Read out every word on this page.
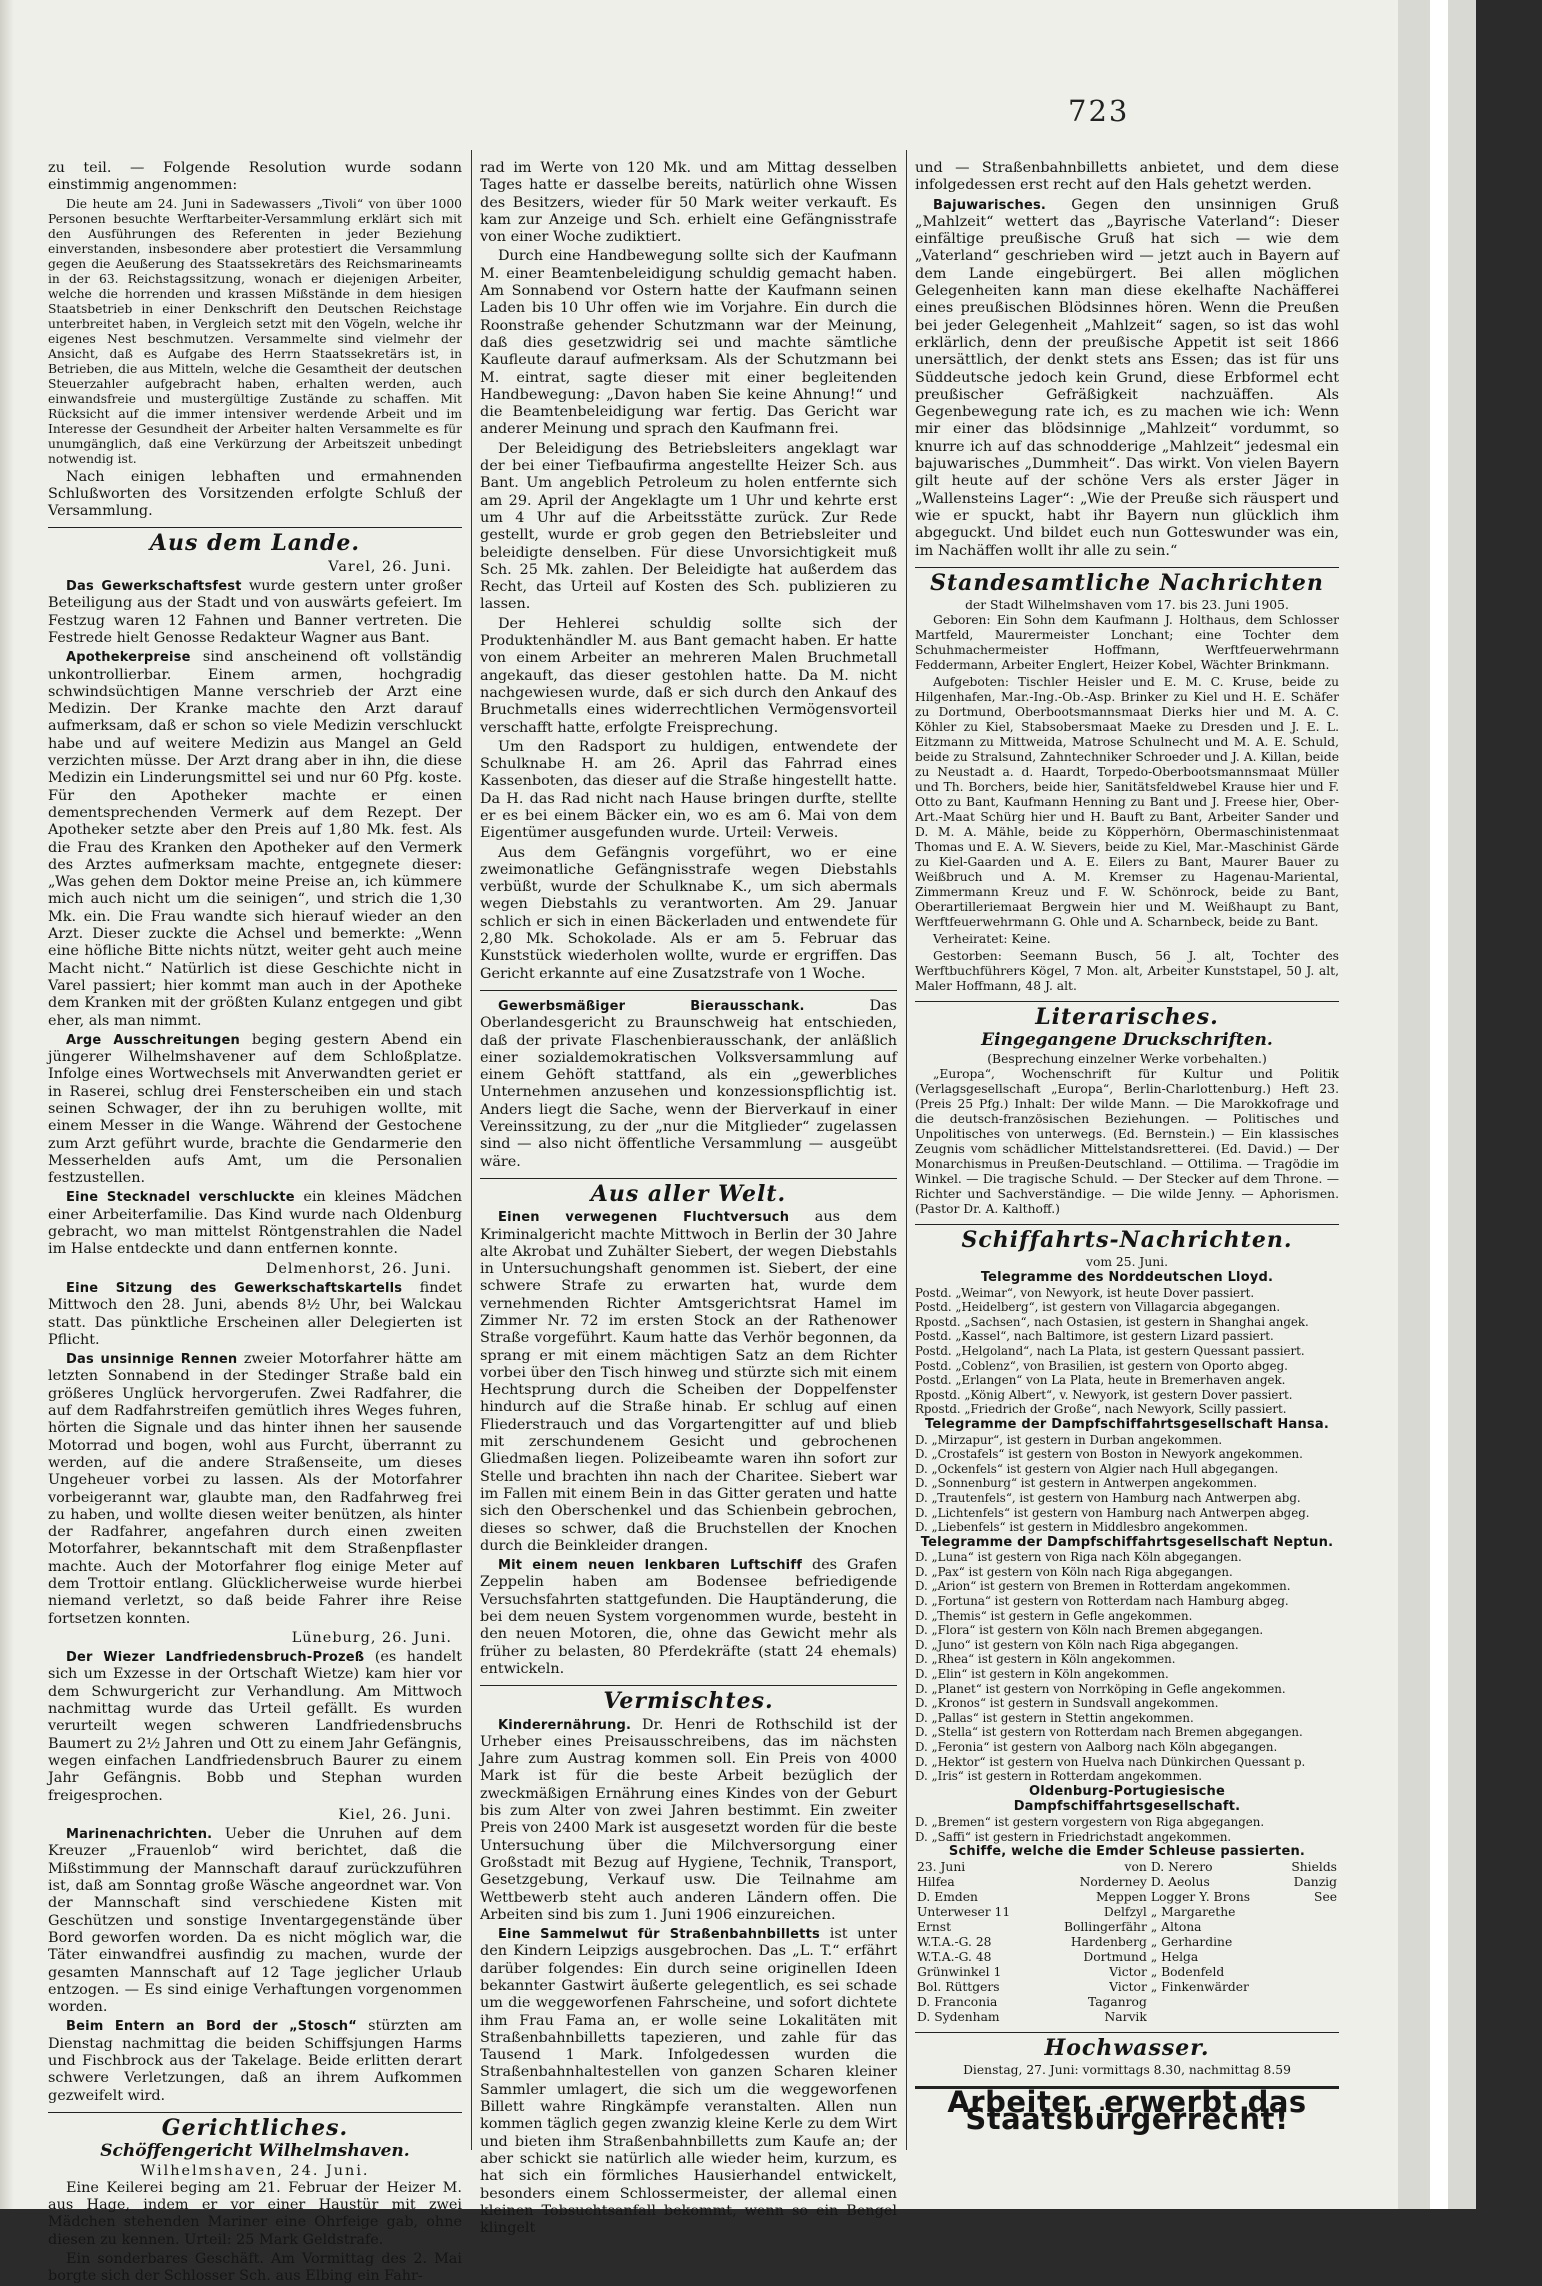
723

zu teil. — Folgende Resolution wurde sodann einstimmig angenommen:

Die heute am 24. Juni in Sadewassers „Tivoli“ von über 1000 Personen besuchte Werftarbeiter-Versammlung erklärt sich mit den Ausführungen des Referenten in jeder Beziehung einverstanden, insbesondere aber protestiert die Versammlung gegen die Aeußerung des Staatssekretärs des Reichsmarineamts in der 63. Reichstagssitzung, wonach er diejenigen Arbeiter, welche die horrenden und krassen Mißstände in dem hiesigen Staatsbetrieb in einer Denkschrift den Deutschen Reichstage unterbreitet haben, in Vergleich setzt mit den Vögeln, welche ihr eigenes Nest beschmutzen. Versammelte sind vielmehr der Ansicht, daß es Aufgabe des Herrn Staatssekretärs ist, in Betrieben, die aus Mitteln, welche die Gesamtheit der deutschen Steuerzahler aufgebracht haben, erhalten werden, auch einwandsfreie und mustergültige Zustände zu schaffen. Mit Rücksicht auf die immer intensiver werdende Arbeit und im Interesse der Gesundheit der Arbeiter halten Versammelte es für unumgänglich, daß eine Verkürzung der Arbeitszeit unbedingt notwendig ist.

Nach einigen lebhaften und ermahnenden Schlußworten des Vorsitzenden erfolgte Schluß der Versammlung.

Aus dem Lande.
Varel, 26. Juni.

Das Gewerkschaftsfest wurde gestern unter großer Beteiligung aus der Stadt und von auswärts gefeiert. Im Festzug waren 12 Fahnen und Banner vertreten. Die Festrede hielt Genosse Redakteur Wagner aus Bant.

Apothekerpreise sind anscheinend oft vollständig unkontrollierbar. Einem armen, hochgradig schwindsüchtigen Manne verschrieb der Arzt eine Medizin. Der Kranke machte den Arzt darauf aufmerksam, daß er schon so viele Medizin verschluckt habe und auf weitere Medizin aus Mangel an Geld verzichten müsse. Der Arzt drang aber in ihn, die diese Medizin ein Linderungsmittel sei und nur 60 Pfg. koste. Für den Apotheker machte er einen dementsprechenden Vermerk auf dem Rezept. Der Apotheker setzte aber den Preis auf 1,80 Mk. fest. Als die Frau des Kranken den Apotheker auf den Vermerk des Arztes aufmerksam machte, entgegnete dieser: „Was gehen dem Doktor meine Preise an, ich kümmere mich auch nicht um die seinigen“, und strich die 1,30 Mk. ein. Die Frau wandte sich hierauf wieder an den Arzt. Dieser zuckte die Achsel und bemerkte: „Wenn eine höfliche Bitte nichts nützt, weiter geht auch meine Macht nicht.“ Natürlich ist diese Geschichte nicht in Varel passiert; hier kommt man auch in der Apotheke dem Kranken mit der größten Kulanz entgegen und gibt eher, als man nimmt.

Arge Ausschreitungen beging gestern Abend ein jüngerer Wilhelmshavener auf dem Schloßplatze. Infolge eines Wortwechsels mit Anverwandten geriet er in Raserei, schlug drei Fensterscheiben ein und stach seinen Schwager, der ihn zu beruhigen wollte, mit einem Messer in die Wange. Während der Gestochene zum Arzt geführt wurde, brachte die Gendarmerie den Messerhelden aufs Amt, um die Personalien festzustellen.

Eine Stecknadel verschluckte ein kleines Mädchen einer Arbeiterfamilie. Das Kind wurde nach Oldenburg gebracht, wo man mittelst Röntgenstrahlen die Nadel im Halse entdeckte und dann entfernen konnte.

Delmenhorst, 26. Juni.

Eine Sitzung des Gewerkschaftskartells findet Mittwoch den 28. Juni, abends 8½ Uhr, bei Walckau statt. Das pünktliche Erscheinen aller Delegierten ist Pflicht.

Das unsinnige Rennen zweier Motorfahrer hätte am letzten Sonnabend in der Stedinger Straße bald ein größeres Unglück hervorgerufen. Zwei Radfahrer, die auf dem Radfahrstreifen gemütlich ihres Weges fuhren, hörten die Signale und das hinter ihnen her sausende Motorrad und bogen, wohl aus Furcht, überrannt zu werden, auf die andere Straßenseite, um dieses Ungeheuer vorbei zu lassen. Als der Motorfahrer vorbeigerannt war, glaubte man, den Radfahrweg frei zu haben, und wollte diesen weiter benützen, als hinter der Radfahrer, angefahren durch einen zweiten Motorfahrer, bekanntschaft mit dem Straßenpflaster machte. Auch der Motorfahrer flog einige Meter auf dem Trottoir entlang. Glücklicherweise wurde hierbei niemand verletzt, so daß beide Fahrer ihre Reise fortsetzen konnten.

Lüneburg, 26. Juni.

Der Wiezer Landfriedensbruch-Prozeß (es handelt sich um Exzesse in der Ortschaft Wietze) kam hier vor dem Schwurgericht zur Verhandlung. Am Mittwoch nachmittag wurde das Urteil gefällt. Es wurden verurteilt wegen schweren Landfriedensbruchs Baumert zu 2½ Jahren und Ott zu einem Jahr Gefängnis, wegen einfachen Landfriedensbruch Baurer zu einem Jahr Gefängnis. Bobb und Stephan wurden freigesprochen.

Kiel, 26. Juni.

Marinenachrichten. Ueber die Unruhen auf dem Kreuzer „Frauenlob“ wird berichtet, daß die Mißstimmung der Mannschaft darauf zurückzuführen ist, daß am Sonntag große Wäsche angeordnet war. Von der Mannschaft sind verschiedene Kisten mit Geschützen und sonstige Inventargegenstände über Bord geworfen worden. Da es nicht möglich war, die Täter einwandfrei ausfindig zu machen, wurde der gesamten Mannschaft auf 12 Tage jeglicher Urlaub entzogen. — Es sind einige Verhaftungen vorgenommen worden.

Beim Entern an Bord der „Stosch“ stürzten am Dienstag nachmittag die beiden Schiffsjungen Harms und Fischbrock aus der Takelage. Beide erlitten derart schwere Verletzungen, daß an ihrem Aufkommen gezweifelt wird.

Gerichtliches.
Schöffengericht Wilhelmshaven.
Wilhelmshaven, 24. Juni.

Eine Keilerei beging am 21. Februar der Heizer M. aus Hage, indem er vor einer Haustür mit zwei Mädchen stehenden Mariner eine Ohrfeige gab, ohne diesen zu kennen. Urteil: 25 Mark Geldstrafe.

Ein sonderbares Geschäft. Am Vormittag des 2. Mai borgte sich der Schlosser Sch. aus Elbing ein Fahr-

rad im Werte von 120 Mk. und am Mittag desselben Tages hatte er dasselbe bereits, natürlich ohne Wissen des Besitzers, wieder für 50 Mark weiter verkauft. Es kam zur Anzeige und Sch. erhielt eine Gefängnisstrafe von einer Woche zudiktiert.

Durch eine Handbewegung sollte sich der Kaufmann M. einer Beamtenbeleidigung schuldig gemacht haben. Am Sonnabend vor Ostern hatte der Kaufmann seinen Laden bis 10 Uhr offen wie im Vorjahre. Ein durch die Roonstraße gehender Schutzmann war der Meinung, daß dies gesetzwidrig sei und machte sämtliche Kaufleute darauf aufmerksam. Als der Schutzmann bei M. eintrat, sagte dieser mit einer begleitenden Handbewegung: „Davon haben Sie keine Ahnung!“ und die Beamtenbeleidigung war fertig. Das Gericht war anderer Meinung und sprach den Kaufmann frei.

Der Beleidigung des Betriebsleiters angeklagt war der bei einer Tiefbaufirma angestellte Heizer Sch. aus Bant. Um angeblich Petroleum zu holen entfernte sich am 29. April der Angeklagte um 1 Uhr und kehrte erst um 4 Uhr auf die Arbeitsstätte zurück. Zur Rede gestellt, wurde er grob gegen den Betriebsleiter und beleidigte denselben. Für diese Unvorsichtigkeit muß Sch. 25 Mk. zahlen. Der Beleidigte hat außerdem das Recht, das Urteil auf Kosten des Sch. publizieren zu lassen.

Der Hehlerei schuldig sollte sich der Produktenhändler M. aus Bant gemacht haben. Er hatte von einem Arbeiter an mehreren Malen Bruchmetall angekauft, das dieser gestohlen hatte. Da M. nicht nachgewiesen wurde, daß er sich durch den Ankauf des Bruchmetalls eines widerrechtlichen Vermögensvorteil verschafft hatte, erfolgte Freisprechung.

Um den Radsport zu huldigen, entwendete der Schulknabe H. am 26. April das Fahrrad eines Kassenboten, das dieser auf die Straße hingestellt hatte. Da H. das Rad nicht nach Hause bringen durfte, stellte er es bei einem Bäcker ein, wo es am 6. Mai von dem Eigentümer ausgefunden wurde. Urteil: Verweis.

Aus dem Gefängnis vorgeführt, wo er eine zweimonatliche Gefängnisstrafe wegen Diebstahls verbüßt, wurde der Schulknabe K., um sich abermals wegen Diebstahls zu verantworten. Am 29. Januar schlich er sich in einen Bäckerladen und entwendete für 2,80 Mk. Schokolade. Als er am 5. Februar das Kunststück wiederholen wollte, wurde er ergriffen. Das Gericht erkannte auf eine Zusatzstrafe von 1 Woche.

Gewerbsmäßiger Bierausschank. Das Oberlandesgericht zu Braunschweig hat entschieden, daß der private Flaschenbierausschank, der anläßlich einer sozialdemokratischen Volksversammlung auf einem Gehöft stattfand, als ein „gewerbliches Unternehmen anzusehen und konzessionspflichtig ist. Anders liegt die Sache, wenn der Bierverkauf in einer Vereinssitzung, zu der „nur die Mitglieder“ zugelassen sind — also nicht öffentliche Versammlung — ausgeübt wäre.

Aus aller Welt.

Einen verwegenen Fluchtversuch aus dem Kriminalgericht machte Mittwoch in Berlin der 30 Jahre alte Akrobat und Zuhälter Siebert, der wegen Diebstahls in Untersuchungshaft genommen ist. Siebert, der eine schwere Strafe zu erwarten hat, wurde dem vernehmenden Richter Amtsgerichtsrat Hamel im Zimmer Nr. 72 im ersten Stock an der Rathenower Straße vorgeführt. Kaum hatte das Verhör begonnen, da sprang er mit einem mächtigen Satz an dem Richter vorbei über den Tisch hinweg und stürzte sich mit einem Hechtsprung durch die Scheiben der Doppelfenster hindurch auf die Straße hinab. Er schlug auf einen Fliederstrauch und das Vorgartengitter auf und blieb mit zerschundenem Gesicht und gebrochenen Gliedmaßen liegen. Polizeibeamte waren ihn sofort zur Stelle und brachten ihn nach der Charitee. Siebert war im Fallen mit einem Bein in das Gitter geraten und hatte sich den Oberschenkel und das Schienbein gebrochen, dieses so schwer, daß die Bruchstellen der Knochen durch die Beinkleider drangen.

Mit einem neuen lenkbaren Luftschiff des Grafen Zeppelin haben am Bodensee befriedigende Versuchsfahrten stattgefunden. Die Hauptänderung, die bei dem neuen System vorgenommen wurde, besteht in den neuen Motoren, die, ohne das Gewicht mehr als früher zu belasten, 80 Pferdekräfte (statt 24 ehemals) entwickeln.

Vermischtes.

Kinderernährung. Dr. Henri de Rothschild ist der Urheber eines Preisausschreibens, das im nächsten Jahre zum Austrag kommen soll. Ein Preis von 4000 Mark ist für die beste Arbeit bezüglich der zweckmäßigen Ernährung eines Kindes von der Geburt bis zum Alter von zwei Jahren bestimmt. Ein zweiter Preis von 2400 Mark ist ausgesetzt worden für die beste Untersuchung über die Milchversorgung einer Großstadt mit Bezug auf Hygiene, Technik, Transport, Gesetzgebung, Verkauf usw. Die Teilnahme am Wettbewerb steht auch anderen Ländern offen. Die Arbeiten sind bis zum 1. Juni 1906 einzureichen.

Eine Sammelwut für Straßenbahnbilletts ist unter den Kindern Leipzigs ausgebrochen. Das „L. T.“ erfährt darüber folgendes: Ein durch seine originellen Ideen bekannter Gastwirt äußerte gelegentlich, es sei schade um die weggeworfenen Fahrscheine, und sofort dichtete ihm Frau Fama an, er wolle seine Lokalitäten mit Straßenbahnbilletts tapezieren, und zahle für das Tausend 1 Mark. Infolgedessen wurden die Straßenbahnhaltestellen von ganzen Scharen kleiner Sammler umlagert, die sich um die weggeworfenen Billett wahre Ringkämpfe veranstalten. Allen nun kommen täglich gegen zwanzig kleine Kerle zu dem Wirt und bieten ihm Straßenbahnbilletts zum Kaufe an; der aber schickt sie natürlich alle wieder heim, kurzum, es hat sich ein förmliches Hausierhandel entwickelt, besonders einem Schlossermeister, der allemal einen kleinen Tobsuchtsanfall bekommt, wenn so ein Bengel klingelt

und — Straßenbahnbilletts anbietet, und dem diese infolgedessen erst recht auf den Hals gehetzt werden.

Bajuwarisches. Gegen den unsinnigen Gruß „Mahlzeit“ wettert das „Bayrische Vaterland“: Dieser einfältige preußische Gruß hat sich — wie dem „Vaterland“ geschrieben wird — jetzt auch in Bayern auf dem Lande eingebürgert. Bei allen möglichen Gelegenheiten kann man diese ekelhafte Nachäfferei eines preußischen Blödsinnes hören. Wenn die Preußen bei jeder Gelegenheit „Mahlzeit“ sagen, so ist das wohl erklärlich, denn der preußische Appetit ist seit 1866 unersättlich, der denkt stets ans Essen; das ist für uns Süddeutsche jedoch kein Grund, diese Erbformel echt preußischer Gefräßigkeit nachzuäffen. Als Gegenbewegung rate ich, es zu machen wie ich: Wenn mir einer das blödsinnige „Mahlzeit“ vordummt, so knurre ich auf das schnodderige „Mahlzeit“ jedesmal ein bajuwarisches „Dummheit“. Das wirkt. Von vielen Bayern gilt heute auf der schöne Vers als erster Jäger in „Wallensteins Lager“: „Wie der Preuße sich räuspert und wie er spuckt, habt ihr Bayern nun glücklich ihm abgeguckt. Und bildet euch nun Gotteswunder was ein, im Nachäffen wollt ihr alle zu sein.“

Standesamtliche Nachrichten
der Stadt Wilhelmshaven vom 17. bis 23. Juni 1905.

Geboren: Ein Sohn dem Kaufmann J. Holthaus, dem Schlosser Martfeld, Maurermeister Lonchant; eine Tochter dem Schuhmachermeister Hoffmann, Werftfeuerwehrmann Feddermann, Arbeiter Englert, Heizer Kobel, Wächter Brinkmann.

Aufgeboten: Tischler Heisler und E. M. C. Kruse, beide zu Hilgenhafen, Mar.-Ing.-Ob.-Asp. Brinker zu Kiel und H. E. Schäfer zu Dortmund, Oberbootsmannsmaat Dierks hier und M. A. C. Köhler zu Kiel, Stabsobersmaat Maeke zu Dresden und J. E. L. Eitzmann zu Mittweida, Matrose Schulnecht und M. A. E. Schuld, beide zu Stralsund, Zahntechniker Schroeder und J. A. Killan, beide zu Neustadt a. d. Haardt, Torpedo-Oberbootsmannsmaat Müller und Th. Borchers, beide hier, Sanitätsfeldwebel Krause hier und F. Otto zu Bant, Kaufmann Henning zu Bant und J. Freese hier, Ober-Art.-Maat Schürg hier und H. Bauft zu Bant, Arbeiter Sander und D. M. A. Mähle, beide zu Köpperhörn, Obermaschinistenmaat Thomas und E. A. W. Sievers, beide zu Kiel, Mar.-Maschinist Gärde zu Kiel-Gaarden und A. E. Eilers zu Bant, Maurer Bauer zu Weißbruch und A. M. Kremser zu Hagenau-Mariental, Zimmermann Kreuz und F. W. Schönrock, beide zu Bant, Oberartilleriemaat Bergwein hier und M. Weißhaupt zu Bant, Werftfeuerwehrmann G. Ohle und A. Scharnbeck, beide zu Bant.

Verheiratet: Keine.

Gestorben: Seemann Busch, 56 J. alt, Tochter des Werftbuchführers Kögel, 7 Mon. alt, Arbeiter Kunststapel, 50 J. alt, Maler Hoffmann, 48 J. alt.

Literarisches.
Eingegangene Druckschriften.
(Besprechung einzelner Werke vorbehalten.)

„Europa“, Wochenschrift für Kultur und Politik (Verlagsgesellschaft „Europa“, Berlin-Charlottenburg.) Heft 23. (Preis 25 Pfg.) Inhalt: Der wilde Mann. — Die Marokkofrage und die deutsch-französischen Beziehungen. — Politisches und Unpolitisches von unterwegs. (Ed. Bernstein.) — Ein klassisches Zeugnis vom schädlicher Mittelstandsretterei. (Ed. David.) — Der Monarchismus in Preußen-Deutschland. — Ottilima. — Tragödie im Winkel. — Die tragische Schuld. — Der Stecker auf dem Throne. — Richter und Sachverständige. — Die wilde Jenny. — Aphorismen. (Pastor Dr. A. Kalthoff.)

Schiffahrts-Nachrichten.
vom 25. Juni.
Telegramme des Norddeutschen Lloyd.
Postd. „Weimar“, von Newyork, ist heute Dover passiert.
Postd. „Heidelberg“, ist gestern von Villagarcia abgegangen.
Rpostd. „Sachsen“, nach Ostasien, ist gestern in Shanghai angek.
Postd. „Kassel“, nach Baltimore, ist gestern Lizard passiert.
Postd. „Helgoland“, nach La Plata, ist gestern Quessant passiert.
Postd. „Coblenz“, von Brasilien, ist gestern von Oporto abgeg.
Postd. „Erlangen“ von La Plata, heute in Bremerhaven angek.
Rpostd. „König Albert“, v. Newyork, ist gestern Dover passiert.
Rpostd. „Friedrich der Große“, nach Newyork, Scilly passiert.
Telegramme der Dampfschiffahrtsgesellschaft Hansa.
D. „Mirzapur“, ist gestern in Durban angekommen.
D. „Crostafels“ ist gestern von Boston in Newyork angekommen.
D. „Ockenfels“ ist gestern von Algier nach Hull abgegangen.
D. „Sonnenburg“ ist gestern in Antwerpen angekommen.
D. „Trautenfels“, ist gestern von Hamburg nach Antwerpen abg.
D. „Lichtenfels“ ist gestern von Hamburg nach Antwerpen abgeg.
D. „Liebenfels“ ist gestern in Middlesbro angekommen.
Telegramme der Dampfschiffahrtsgesellschaft Neptun.
D. „Luna“ ist gestern von Riga nach Köln abgegangen.
D. „Pax“ ist gestern von Köln nach Riga abgegangen.
D. „Arion“ ist gestern von Bremen in Rotterdam angekommen.
D. „Fortuna“ ist gestern von Rotterdam nach Hamburg abgeg.
D. „Themis“ ist gestern in Gefle angekommen.
D. „Flora“ ist gestern von Köln nach Bremen abgegangen.
D. „Juno“ ist gestern von Köln nach Riga abgegangen.
D. „Rhea“ ist gestern in Köln angekommen.
D. „Elin“ ist gestern in Köln angekommen.
D. „Planet“ ist gestern von Norrköping in Gefle angekommen.
D. „Kronos“ ist gestern in Sundsvall angekommen.
D. „Pallas“ ist gestern in Stettin angekommen.
D. „Stella“ ist gestern von Rotterdam nach Bremen abgegangen.
D. „Feronia“ ist gestern von Aalborg nach Köln abgegangen.
D. „Hektor“ ist gestern von Huelva nach Dünkirchen Quessant p.
D. „Iris“ ist gestern in Rotterdam angekommen.
Oldenburg-Portugiesische Dampfschiffahrtsgesellschaft.
D. „Bremen“ ist gestern vorgestern von Riga abgegangen.
D. „Saffi“ ist gestern in Friedrichstadt angekommen.
Schiffe, welche die Emder Schleuse passierten.
23. Juni		von	D. Nerero	Shields
Hilfea		Norderney	D. Aeolus	Danzig
D. Emden		Meppen	Logger Y. Brons	See
Unterweser 11		Delfzyl	„ Margarethe	
Ernst		Bollingerfähr	„ Altona	
W.T.A.-G. 28		Hardenberg	„ Gerhardine	
W.T.A.-G. 48		Dortmund	„ Helga	
Grünwinkel 1		Victor	„ Bodenfeld	
Bol. Rüttgers		Victor	„ Finkenwärder	
D. Franconia		Taganrog		
D. Sydenham		Narvik		
Hochwasser.
Dienstag, 27. Juni: vormittags 8.30, nachmittag 8.59
Arbeiter, erwerbt das Staatsbürgerrecht!
